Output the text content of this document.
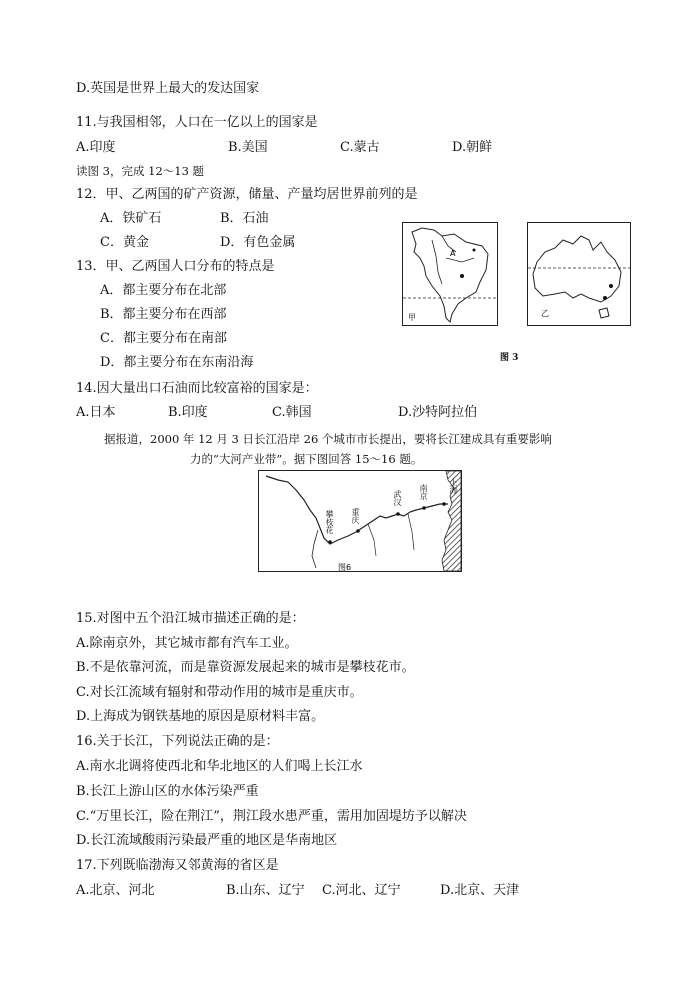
D.英国是世界上最大的发达国家
11.与我国相邻，人口在一亿以上的国家是
A.印度	B.美国	C.蒙古	D.朝鲜
读图 3，完成 12～13 题
12．甲、乙两国的矿产资源，储量、产量均居世界前列的是
A．铁矿石	B．石油
C．黄金	D．有色金属
13．甲、乙两国人口分布的特点是
A．都主要分布在北部
B．都主要分布在西部
C．都主要分布在南部
D．都主要分布在东南沿海
A
甲	乙
图 3
14.因大量出口石油而比较富裕的国家是：
A.日本	B.印度	C.韩国	D.沙特阿拉伯
据报道，2000 年 12 月 3 日长江沿岸 26 个城市市长提出，要将长江建成具有重要影响
力的“大河产业带”。据下图回答 15～16 题。
攀枝花 重庆
武汉 南京	上海
图6
15.对图中五个沿江城市描述正确的是：
A.除南京外，其它城市都有汽车工业。
B.不是依靠河流，而是靠资源发展起来的城市是攀枝花市。
C.对长江流域有辐射和带动作用的城市是重庆市。
D.上海成为钢铁基地的原因是原材料丰富。
16.关于长江，下列说法正确的是：
A.南水北调将使西北和华北地区的人们喝上长江水
B.长江上游山区的水体污染严重
C.“万里长江，险在荆江”，荆江段水患严重，需用加固堤坊予以解决
D.长江流域酸雨污染最严重的地区是华南地区
17.下列既临渤海又邻黄海的省区是
A.北京、河北	B.山东、辽宁 C.河北、辽宁	D.北京、天津
